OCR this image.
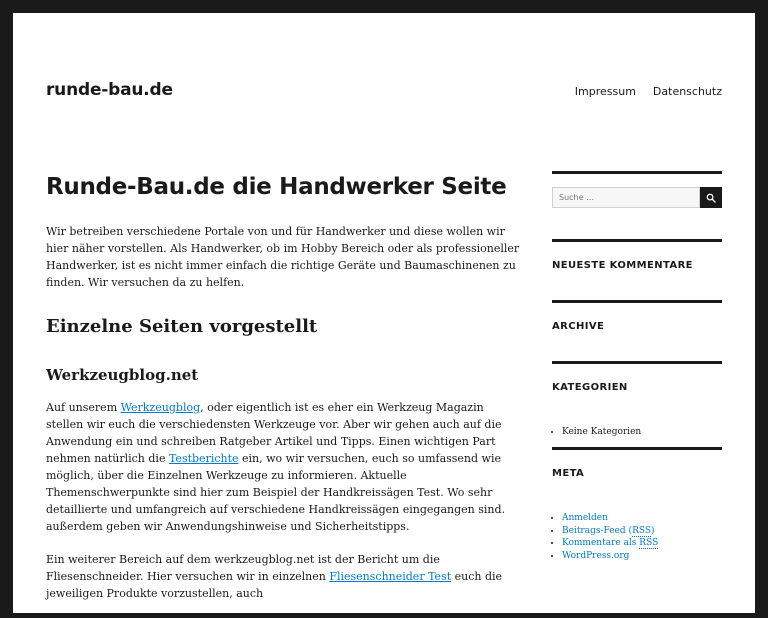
runde-bau.de	Impressum Datenschutz
Runde-Bau.de die Handwerker Seite

Wir betreiben verschiedene Portale von und für Handwerker und diese wollen wir hier näher vorstellen. Als Handwerker, ob im Hobby Bereich oder als professioneller Handwerker, ist es nicht immer einfach die richtige Geräte und Baumaschinenen zu finden. Wir versuchen da zu helfen.

Einzelne Seiten vorgestellt
Werkzeugblog.net

Auf unserem Werkzeugblog, oder eigentlich ist es eher ein Werkzeug Magazin stellen wir euch die verschiedensten Werkzeuge vor. Aber wir gehen auch auf die Anwendung ein und schreiben Ratgeber Artikel und Tipps. Einen wichtigen Part nehmen natürlich die Testberichte ein, wo wir versuchen, euch so umfassend wie möglich, über die Einzelnen Werkzeuge zu informieren. Aktuelle Themenschwerpunkte sind hier zum Beispiel der Handkreissägen Test. Wo sehr detaillierte und umfangreich auf verschiedene Handkreissägen eingegangen sind. außerdem geben wir Anwendungshinweise und Sicherheitstipps.

Ein weiterer Bereich auf dem werkzeugblog.net ist der Bericht um die Fliesenschneider. Hier versuchen wir in einzelnen Fliesenschneider Test euch die jeweiligen Produkte vorzustellen, auch

Suche …
NEUESTE KOMMENTARE
ARCHIVE
KATEGORIEN
• Keine Kategorien
META
• Anmelden
• Beitrags-Feed (RSS)
• Kommentare als RSS
• WordPress.org
